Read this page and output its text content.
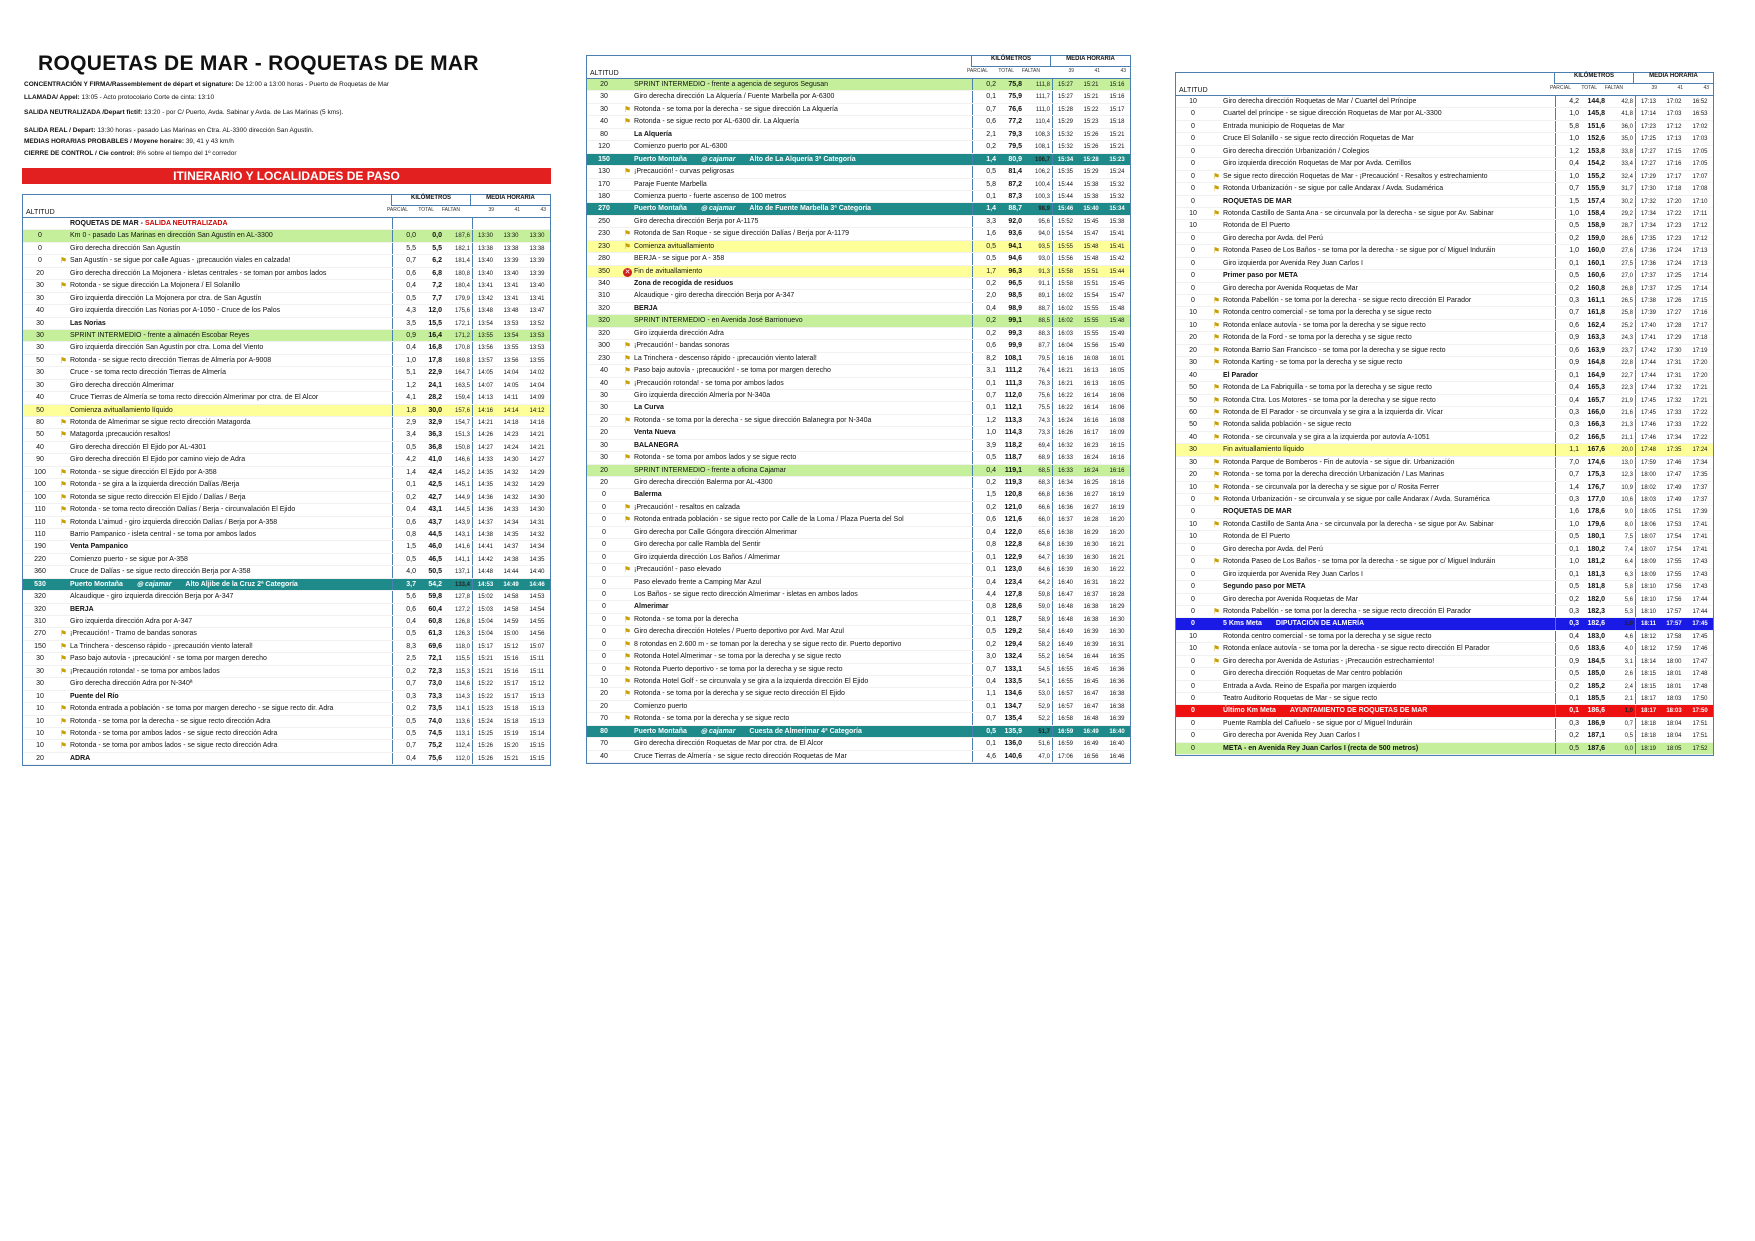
ROQUETAS DE MAR - ROQUETAS DE MAR
CONCENTRACIÓN Y FIRMA/Rassemblement de départ et signature: De 12:00 a 13:00 horas - Puerto de Roquetas de Mar
LLAMADA/ Appel: 13:05 - Acto protocolario Corte de cinta: 13:10
SALIDA NEUTRALIZADA /Depart fictif: 13:20 - por C/ Puerto, Avda. Sabinar y Avda. de Las Marinas (5 kms).
SALIDA REAL / Depart: 13:30 horas - pasado Las Marinas en Ctra. AL-3300 dirección San Agustín.
MEDIAS HORARIAS PROBABLES / Moyene horaire: 39, 41 y 43 km/h
CIERRE DE CONTROL / Cie control: 8% sobre el tiempo del 1º corredor
ITINERARIO Y LOCALIDADES DE PASO
ALTITUD
KILÓMETROS	MEDIA HORARIA
PARCIAL TOTAL FALTAN	39	41	43
ROQUETAS DE MAR - SALIDA NEUTRALIZADA
0	Km 0 - pasado Las Marinas en dirección San Agustín en AL-3300	0,0	0,0	187,6	13:30	13:30	13:30
0	Giro derecha dirección San Agustín	5,5	5,5	182,1	13:38	13:38	13:38
0	⚑ San Agustín - se sigue por calle Aguas - ¡precaución viales en calzada!	0,7	6,2	181,4	13:40	13:39	13:39
20	Giro derecha dirección La Mojonera - isletas centrales - se toman por ambos lados	0,6	6,8	180,8	13:40	13:40	13:39
30	⚑ Rotonda - se sigue dirección La Mojonera / El Solanillo	0,4	7,2	180,4	13:41	13:41	13:40
30	Giro izquierda dirección La Mojonera por ctra. de San Agustín	0,5	7,7	179,9	13:42	13:41	13:41
40	Giro izquierda dirección Las Norias por A-1050 - Cruce de los Palos	4,3	12,0	175,6	13:48	13:48	13:47
30	Las Norias	3,5	15,5	172,1	13:54	13:53	13:52
30	SPRINT INTERMEDIO - frente a almacén Escobar Reyes	0,9	16,4	171,2	13:55	13:54	13:53
30	Giro izquierda dirección San Agustín por ctra. Loma del Viento	0,4	16,8	170,8	13:56	13:55	13:53
50	⚑ Rotonda - se sigue recto dirección Tierras de Almería por A-9008	1,0	17,8	169,8	13:57	13:56	13:55
30	Cruce - se toma recto dirección Tierras de Almería	5,1	22,9	164,7	14:05	14:04	14:02
30	Giro derecha dirección Almerimar	1,2	24,1	163,5	14:07	14:05	14:04
40	Cruce Tierras de Almería se toma recto dirección Almerimar por ctra. de El Alcor	4,1	28,2	159,4	14:13	14:11	14:09
50	Comienza avituallamiento líquido	1,8	30,0	157,6	14:16	14:14	14:12
80	⚑ Rotonda de Almerimar se sigue recto dirección Matagorda	2,9	32,9	154,7	14:21	14:18	14:16
50	⚑ Matagorda ¡precaución resaltos!	3,4	36,3	151,3	14:26	14:23	14:21
40	Giro derecha dirección El Ejido por AL-4301	0,5	36,8	150,8	14:27	14:24	14:21
90	Giro derecha dirección El Ejido por camino viejo de Adra	4,2	41,0	146,6	14:33	14:30	14:27
100	⚑ Rotonda - se sigue dirección El Ejido por A-358	1,4	42,4	145,2	14:35	14:32	14:29
100	⚑ Rotonda - se gira a la izquierda dirección Dalías /Berja	0,1	42,5	145,1	14:35	14:32	14:29
100	⚑ Rotonda se sigue recto dirección El Ejido / Dalías / Berja	0,2	42,7	144,9	14:36	14:32	14:30
110	⚑ Rotonda - se toma recto dirección Dalías / Berja - circunvalación El Ejido	0,4	43,1	144,5	14:36	14:33	14:30
110	⚑ Rotonda L'aimud - giro izquierda dirección Dalías / Berja por A-358	0,6	43,7	143,9	14:37	14:34	14:31
110	Barrio Pampanico - isleta central - se toma por ambos lados	0,8	44,5	143,1	14:38	14:35	14:32
190	Venta Pampanico	1,5	46,0	141,6	14:41	14:37	14:34
220	Comienzo puerto - se sigue por A-358	0,5	46,5	141,1	14:42	14:38	14:35
360	Cruce de Dalías - se sigue recto dirección Berja por A-358	4,0	50,5	137,1	14:48	14:44	14:40
530	Puerto Montaña	◎ cajamar Alto Aljibe de la Cruz 2ª Categoría	3,7	54,2	133,4	14:53	14:49	14:46
320	Alcaudique - giro izquierda dirección Berja por A-347	5,6	59,8	127,8	15:02	14:58	14:53
320	BERJA	0,6	60,4	127,2	15:03	14:58	14:54
310	Giro izquierda dirección Adra por A-347	0,4	60,8	126,8	15:04	14:59	14:55
270	⚑ ¡Precaución! - Tramo de bandas sonoras	0,5	61,3	126,3	15:04	15:00	14:56
150	⚑ La Trinchera - descenso rápido - ¡precaución viento lateral!	8,3	69,6	118,0	15:17	15:12	15:07
30	⚑ Paso bajo autovía - ¡precaución! - se toma por margen derecho	2,5	72,1	115,5	15:21	15:16	15:11
30	⚑ ¡Precaución rotonda! - se toma por ambos lados	0,2	72,3	115,3	15:21	15:16	15:11
30	Giro derecha dirección Adra por N-340ª	0,7	73,0	114,6	15:22	15:17	15:12
10	Puente del Río	0,3	73,3	114,3	15:22	15:17	15:13
10	⚑ Rotonda entrada a población - se toma por margen derecho - se sigue recto dir. Adra	0,2	73,5	114,1	15:23	15:18	15:13
10	⚑ Rotonda - se toma por la derecha - se sigue recto dirección Adra	0,5	74,0	113,6	15:24	15:18	15:13
10	⚑ Rotonda - se toma por ambos lados - se sigue recto dirección Adra	0,5	74,5	113,1	15:25	15:19	15:14
10	⚑ Rotonda - se toma por ambos lados - se sigue recto dirección Adra	0,7	75,2	112,4	15:26	15:20	15:15
20	ADRA	0,4	75,6	112,0	15:26	15:21	15:15
ALTITUD
KILÓMETROS	MEDIA HORARIA
PARCIAL TOTAL FALTAN	39	41	43
20	SPRINT INTERMEDIO - frente a agencia de seguros Segusan	0,2	75,8	111,8	15:27	15:21	15:16
30	Giro derecha dirección La Alquería / Fuente Marbella por A-6300	0,1	75,9	111,7	15:27	15:21	15:16
30	⚑ Rotonda - se toma por la derecha - se sigue dirección La Alquería	0,7	76,6	111,0	15:28	15:22	15:17
40	⚑ Rotonda - se sigue recto por AL-6300 dir. La Alquería	0,6	77,2	110,4	15:29	15:23	15:18
80	La Alquería	2,1	79,3	108,3	15:32	15:26	15:21
120	Comienzo puerto por AL-6300	0,2	79,5	108,1	15:32	15:26	15:21
150	Puerto Montaña	◎ cajamar Alto de La Alquería 3ª Categoría	1,4	80,9	106,7	15:34	15:28	15:23
130	⚑ ¡Precaución! - curvas peligrosas	0,5	81,4	106,2	15:35	15:29	15:24
170	Paraje Fuente Marbella	5,8	87,2	100,4	15:44	15:38	15:32
180	Comienza puerto - fuerte ascenso de 100 metros	0,1	87,3	100,3	15:44	15:38	15:32
270	Puerto Montaña	◎ cajamar Alto de Fuente Marbella 3ª Categoría	1,4	88,7	98,9	15:46	15:40	15:34
250	Giro derecha dirección Berja por A-1175	3,3	92,0	95,6	15:52	15:45	15:38
230	⚑ Rotonda de San Roque - se sigue dirección Dalías / Berja por A-1179	1,6	93,6	94,0	15:54	15:47	15:41
230	⚑ Comienza avituallamiento	0,5	94,1	93,5	15:55	15:48	15:41
280	BERJA - se sigue por A - 358	0,5	94,6	93,0	15:56	15:48	15:42
350	✕ Fin de avituallamiento	1,7	96,3	91,3	15:58	15:51	15:44
340	Zona de recogida de residuos	0,2	96,5	91,1	15:58	15:51	15:45
310	Alcaudique - giro derecha dirección Berja por A-347	2,0	98,5	89,1	16:02	15:54	15:47
320	BERJA	0,4	98,9	88,7	16:02	15:55	15:48
320	SPRINT INTERMEDIO - en Avenida José Barrionuevo	0,2	99,1	88,5	16:02	15:55	15:48
320	Giro izquierda dirección Adra	0,2	99,3	88,3	16:03	15:55	15:49
300	⚑ ¡Precaución! - bandas sonoras	0,6	99,9	87,7	16:04	15:56	15:49
230	⚑ La Trinchera - descenso rápido - ¡precaución viento lateral!	8,2	108,1	79,5	16:16	16:08	16:01
40	⚑ Paso bajo autovía - ¡precaución! - se toma por margen derecho	3,1	111,2	76,4	16:21	16:13	16:05
40	⚑ ¡Precaución rotonda! - se toma por ambos lados	0,1	111,3	76,3	16:21	16:13	16:05
30	Giro izquierda dirección Almería por N-340a	0,7	112,0	75,6	16:22	16:14	16:06
30	La Curva	0,1	112,1	75,5	16:22	16:14	16:06
20	⚑ Rotonda - se toma por la derecha - se sigue dirección Balanegra por N-340a	1,2	113,3	74,3	16:24	16:16	16:08
20	Venta Nueva	1,0	114,3	73,3	16:26	16:17	16:09
30	BALANEGRA	3,9	118,2	69,4	16:32	16:23	16:15
30	⚑ Rotonda - se toma por ambos lados y se sigue recto	0,5	118,7	68,9	16:33	16:24	16:16
20	SPRINT INTERMEDIO - frente a oficina Cajamar	0,4	119,1	68,5	16:33	16:24	16:16
20	Giro derecha dirección Balerma por AL-4300	0,2	119,3	68,3	16:34	16:25	16:16
0	Balerma	1,5	120,8	66,8	16:36	16:27	16:19
0	⚑ ¡Precaución! - resaltos en calzada	0,2	121,0	66,6	16:36	16:27	16:19
0	⚑ Rotonda entrada población - se sigue recto por Calle de la Loma / Plaza Puerta del Sol	0,6	121,6	66,0	16:37	16:28	16:20
0	Giro derecha por Calle Góngora dirección Almerimar	0,4	122,0	65,6	16:38	16:29	16:20
0	Giro derecha por calle Rambla del Sentir	0,8	122,8	64,8	16:39	16:30	16:21
0	Giro izquierda dirección Los Baños / Almerimar	0,1	122,9	64,7	16:39	16:30	16:21
0	⚑ ¡Precaución! - paso elevado	0,1	123,0	64,6	16:39	16:30	16:22
0	Paso elevado frente a Camping Mar Azul	0,4	123,4	64,2	16:40	16:31	16:22
0	Los Baños - se sigue recto dirección Almerimar - isletas en ambos lados	4,4	127,8	59,8	16:47	16:37	16:28
0	Almerimar	0,8	128,6	59,0	16:48	16:38	16:29
0	⚑ Rotonda - se toma por la derecha	0,1	128,7	58,9	16:48	16:38	16:30
0	⚑ Giro derecha dirección Hoteles / Puerto deportivo por Avd. Mar Azul	0,5	129,2	58,4	16:49	16:39	16:30
0	⚑ 8 rotondas en 2.600 m - se toman por la derecha y se sigue recto dir. Puerto deportivo	0,2	129,4	58,2	16:49	16:39	16:31
0	⚑ Rotonda Hotel Almerimar - se toma por la derecha y se sigue recto	3,0	132,4	55,2	16:54	16:44	16:35
0	⚑ Rotonda Puerto deportivo - se toma por la derecha y se sigue recto	0,7	133,1	54,5	16:55	16:45	16:36
10	⚑ Rotonda Hotel Golf - se circunvala y se gira a la izquierda dirección El Ejido	0,4	133,5	54,1	16:55	16:45	16:36
20	⚑ Rotonda - se toma por la derecha y se sigue recto dirección El Ejido	1,1	134,6	53,0	16:57	16:47	16:38
20	Comienzo puerto	0,1	134,7	52,9	16:57	16:47	16:38
70	⚑ Rotonda - se toma por la derecha y se sigue recto	0,7	135,4	52,2	16:58	16:48	16:39
80	Puerto Montaña	◎ cajamar Cuesta de Almerimar 4ª Categoría	0,5	135,9	51,7	16:59	16:49	16:40
70	Giro derecha dirección Roquetas de Mar por ctra. de El Alcor	0,1	136,0	51,6	16:59	16:49	16:40
40	Cruce Tierras de Almería - se sigue recto dirección Roquetas de Mar	4,6	140,6	47,0	17:06	16:56	16:46
ALTITUD
KILÓMETROS	MEDIA HORARIA
PARCIAL TOTAL FALTAN	39	41	43
10	Giro derecha dirección Roquetas de Mar / Cuartel del Príncipe	4,2	144,8	42,8	17:13	17:02	16:52
0	Cuartel del príncipe - se sigue dirección Roquetas de Mar por AL-3300	1,0	145,8	41,8	17:14	17:03	16:53
0	Entrada municipio de Roquetas de Mar	5,8	151,6	36,0	17:23	17:12	17:02
0	Cruce El Solanillo - se sigue recto dirección Roquetas de Mar	1,0	152,6	35,0	17:25	17:13	17:03
0	Giro derecha dirección Urbanización / Colegios	1,2	153,8	33,8	17:27	17:15	17:05
0	Giro izquierda dirección Roquetas de Mar por Avda. Cerrillos	0,4	154,2	33,4	17:27	17:16	17:05
0	⚑ Se sigue recto dirección Roquetas de Mar - ¡Precaución! - Resaltos y estrechamiento	1,0	155,2	32,4	17:29	17:17	17:07
0	⚑ Rotonda Urbanización - se sigue por calle Andarax / Avda. Sudamérica	0,7	155,9	31,7	17:30	17:18	17:08
0	ROQUETAS DE MAR	1,5	157,4	30,2	17:32	17:20	17:10
10	⚑ Rotonda Castillo de Santa Ana - se circunvala por la derecha - se sigue por Av. Sabinar	1,0	158,4	29,2	17:34	17:22	17:11
10	Rotonda de El Puerto	0,5	158,9	28,7	17:34	17:23	17:12
0	Giro derecha por Avda. del Perú	0,2	159,0	28,6	17:35	17:23	17:12
0	⚑ Rotonda Paseo de Los Baños - se toma por la derecha - se sigue por c/ Miguel Induráin	1,0	160,0	27,6	17:36	17:24	17:13
0	Giro izquierda por Avenida Rey Juan Carlos I	0,1	160,1	27,5	17:36	17:24	17:13
0	Primer paso por META	0,5	160,6	27,0	17:37	17:25	17:14
0	Giro derecha por Avenida Roquetas de Mar	0,2	160,8	26,8	17:37	17:25	17:14
0	⚑ Rotonda Pabellón - se toma por la derecha - se sigue recto dirección El Parador	0,3	161,1	26,5	17:38	17:26	17:15
10	⚑ Rotonda centro comercial - se toma por la derecha y se sigue recto	0,7	161,8	25,8	17:39	17:27	17:16
10	⚑ Rotonda enlace autovía - se toma por la derecha y se sigue recto	0,6	162,4	25,2	17:40	17:28	17:17
20	⚑ Rotonda de la Ford - se toma por la derecha y se sigue recto	0,9	163,3	24,3	17:41	17:29	17:18
20	⚑ Rotonda Barrio San Francisco - se toma por la derecha y se sigue recto	0,6	163,9	23,7	17:42	17:30	17:19
30	⚑ Rotonda Karting - se toma por la derecha y se sigue recto	0,9	164,8	22,8	17:44	17:31	17:20
40	El Parador	0,1	164,9	22,7	17:44	17:31	17:20
50	⚑ Rotonda de La Fabriquilla - se toma por la derecha y se sigue recto	0,4	165,3	22,3	17:44	17:32	17:21
50	⚑ Rotonda Ctra. Los Motores - se toma por la derecha y se sigue recto	0,4	165,7	21,9	17:45	17:32	17:21
60	⚑ Rotonda de El Parador - se circunvala y se gira a la izquierda dir. Vícar	0,3	166,0	21,6	17:45	17:33	17:22
50	⚑ Rotonda salida población - se sigue recto	0,3	166,3	21,3	17:46	17:33	17:22
40	⚑ Rotonda - se circunvala y se gira a la izquierda por autovía A-1051	0,2	166,5	21,1	17:46	17:34	17:22
30	Fin avituallamiento líquido	1,1	167,6	20,0	17:48	17:35	17:24
30	⚑ Rotonda Parque de Bomberos - Fin de autovía - se sigue dir. Urbanización	7,0	174,6	13,0	17:59	17:46	17:34
20	⚑ Rotonda - se toma por la derecha dirección Urbanización / Las Marinas	0,7	175,3	12,3	18:00	17:47	17:35
10	⚑ Rotonda - se circunvala por la derecha y se sigue por c/ Rosita Ferrer	1,4	176,7	10,9	18:02	17:49	17:37
0	⚑ Rotonda Urbanización - se circunvala y se sigue por calle Andarax / Avda. Suramérica	0,3	177,0	10,6	18:03	17:49	17:37
0	ROQUETAS DE MAR	1,6	178,6	9,0	18:05	17:51	17:39
10	⚑ Rotonda Castillo de Santa Ana - se circunvala por la derecha - se sigue por Av. Sabinar	1,0	179,6	8,0	18:06	17:53	17:41
10	Rotonda de El Puerto	0,5	180,1	7,5	18:07	17:54	17:41
0	Giro derecha por Avda. del Perú	0,1	180,2	7,4	18:07	17:54	17:41
0	⚑ Rotonda Paseo de Los Baños - se toma por la derecha - se sigue por c/ Miguel Induráin	1,0	181,2	6,4	18:09	17:55	17:43
0	Giro izquierda por Avenida Rey Juan Carlos I	0,1	181,3	6,3	18:09	17:55	17:43
0	Segundo paso por META	0,5	181,8	5,8	18:10	17:56	17:43
0	Giro derecha por Avenida Roquetas de Mar	0,2	182,0	5,6	18:10	17:56	17:44
0	⚑ Rotonda Pabellón - se toma por la derecha - se sigue recto dirección El Parador	0,3	182,3	5,3	18:10	17:57	17:44
0	5 Kms Meta DIPUTACIÓN DE ALMERÍA	0,3	182,6	5,0	18:11	17:57	17:45
10	Rotonda centro comercial - se toma por la derecha y se sigue recto	0,4	183,0	4,6	18:12	17:58	17:45
10	⚑ Rotonda enlace autovía - se toma por la derecha - se sigue recto dirección El Parador	0,6	183,6	4,0	18:12	17:59	17:46
0	⚑ Giro derecha por Avenida de Asturias - ¡Precaución estrechamiento!	0,9	184,5	3,1	18:14	18:00	17:47
0	Giro derecha dirección Roquetas de Mar centro población	0,5	185,0	2,6	18:15	18:01	17:48
0	Entrada a Avda. Reino de España por margen izquierdo	0,2	185,2	2,4	18:15	18:01	17:48
0	Teatro Auditorio Roquetas de Mar - se sigue recto	0,1	185,5	2,1	18:17	18:03	17:50
0	Último Km Meta AYUNTAMIENTO DE ROQUETAS DE MAR	0,1	186,6	1,0	18:17	18:03	17:50
0	Puente Rambla del Cañuelo - se sigue por c/ Miguel Induráin	0,3	186,9	0,7	18:18	18:04	17:51
0	Giro derecha por Avenida Rey Juan Carlos I	0,2	187,1	0,5	18:18	18:04	17:51
0	META - en Avenida Rey Juan Carlos I (recta de 500 metros)	0,5	187,6	0,0	18:19	18:05	17:52
